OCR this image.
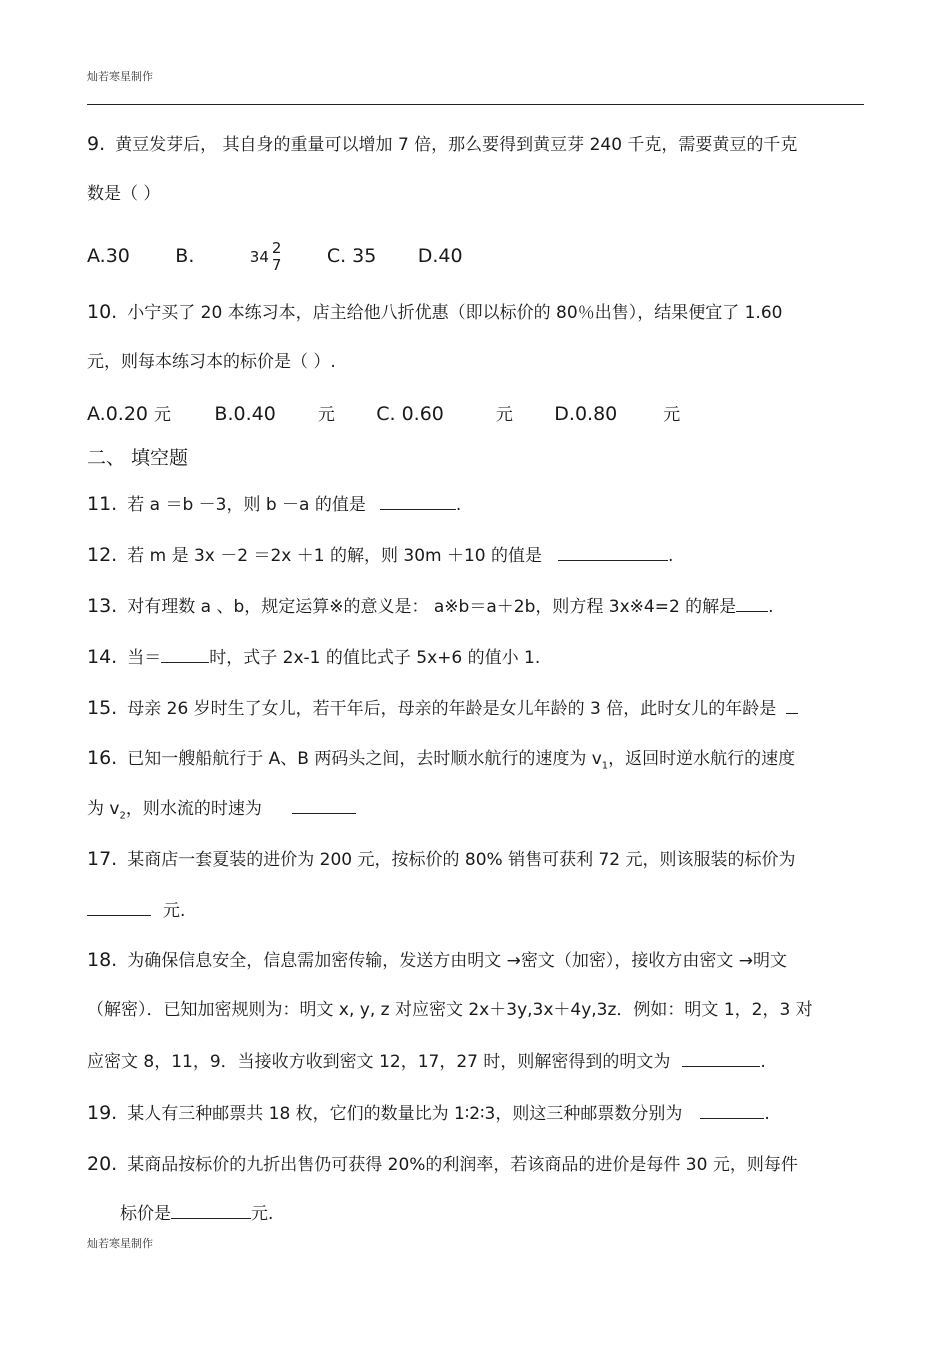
灿若寒星制作
9. 黄豆发芽后， 其自身的重量可以增加 7 倍，那么要得到黄豆芽 240 千克，需要黄豆的千克
数是（ ）
A.30 B.	34 2
7 C. 35 D.40
10. 小宁买了 20 本练习本，店主给他八折优惠（即以标价的 80％出售），结果便宜了 1.60
元，则每本练习本的标价是（ ）.
A.0.20 元 B.0.40 元 C. 0.60	元 D.0.80	元
二、 填空题
11. 若 a ＝b －3，则 b －a 的值是	.
12. 若 m 是 3x －2 ＝2x ＋1 的解，则 30m ＋10 的值是	.
13. 对有理数 a 、b，规定运算※的意义是： a※b＝a＋2b，则方程 3x※4=2 的解是 .
14. 当＝	时，式子 2x-1 的值比式子 5x+6 的值小 1.
15. 母亲 26 岁时生了女儿，若干年后，母亲的年龄是女儿年龄的 3 倍，此时女儿的年龄是
16. 已知一艘船航行于 A、B 两码头之间，去时顺水航行的速度为 $v_1$，返回时逆水航行的速度
为 $v_2$，则水流的时速为
17. 某商店一套夏装的进价为 200 元，按标价的 80% 销售可获利 72 元，则该服装的标价为
元.
18. 为确保信息安全，信息需加密传输，发送方由明文 →密文（加密），接收方由密文 →明文
（解密）．已知加密规则为：明文 x, y, z 对应密文 2x＋3y,3x＋4y,3z．例如：明文 1，2，3 对
应密文 8，11，9．当接收方收到密文 12，17，27 时，则解密得到的明文为	.
19. 某人有三种邮票共 18 枚，它们的数量比为 1∶2∶3，则这三种邮票数分别为	.
20. 某商品按标价的九折出售仍可获得 20%的利润率，若该商品的进价是每件 30 元，则每件
标价是	元.
灿若寒星制作
